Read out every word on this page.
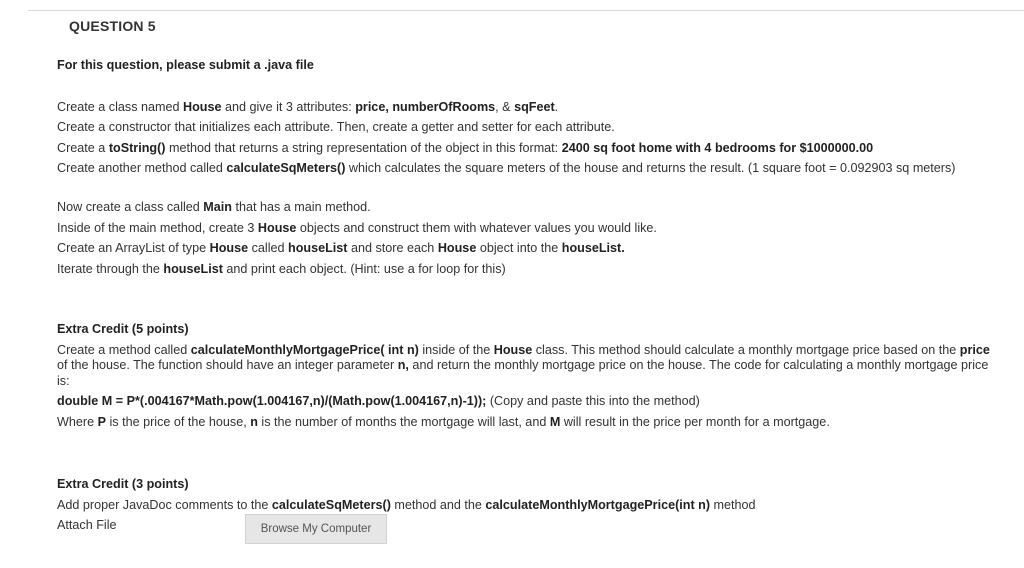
QUESTION 5
For this question, please submit a .java file
Create a class named House and give it 3 attributes: price, numberOfRooms, & sqFeet.
Create a constructor that initializes each attribute. Then, create a getter and setter for each attribute.
Create a toString() method that returns a string representation of the object in this format: 2400 sq foot home with 4 bedrooms for $1000000.00
Create another method called calculateSqMeters() which calculates the square meters of the house and returns the result. (1 square foot = 0.092903 sq meters)
Now create a class called Main that has a main method.
Inside of the main method, create 3 House objects and construct them with whatever values you would like.
Create an ArrayList of type House called houseList and store each House object into the houseList.
Iterate through the houseList and print each object. (Hint: use a for loop for this)
Extra Credit (5 points)
Create a method called calculateMonthlyMortgagePrice( int n) inside of the House class. This method should calculate a monthly mortgage price based on the price of the house. The function should have an integer parameter n, and return the monthly mortgage price on the house. The code for calculating a monthly mortgage price is:
double M = P*(.004167*Math.pow(1.004167,n)/(Math.pow(1.004167,n)-1)); (Copy and paste this into the method)
Where P is the price of the house, n is the number of months the mortgage will last, and M will result in the price per month for a mortgage.
Extra Credit (3 points)
Add proper JavaDoc comments to the calculateSqMeters() method and the calculateMonthlyMortgagePrice(int n) method
Attach File	Browse My Computer
